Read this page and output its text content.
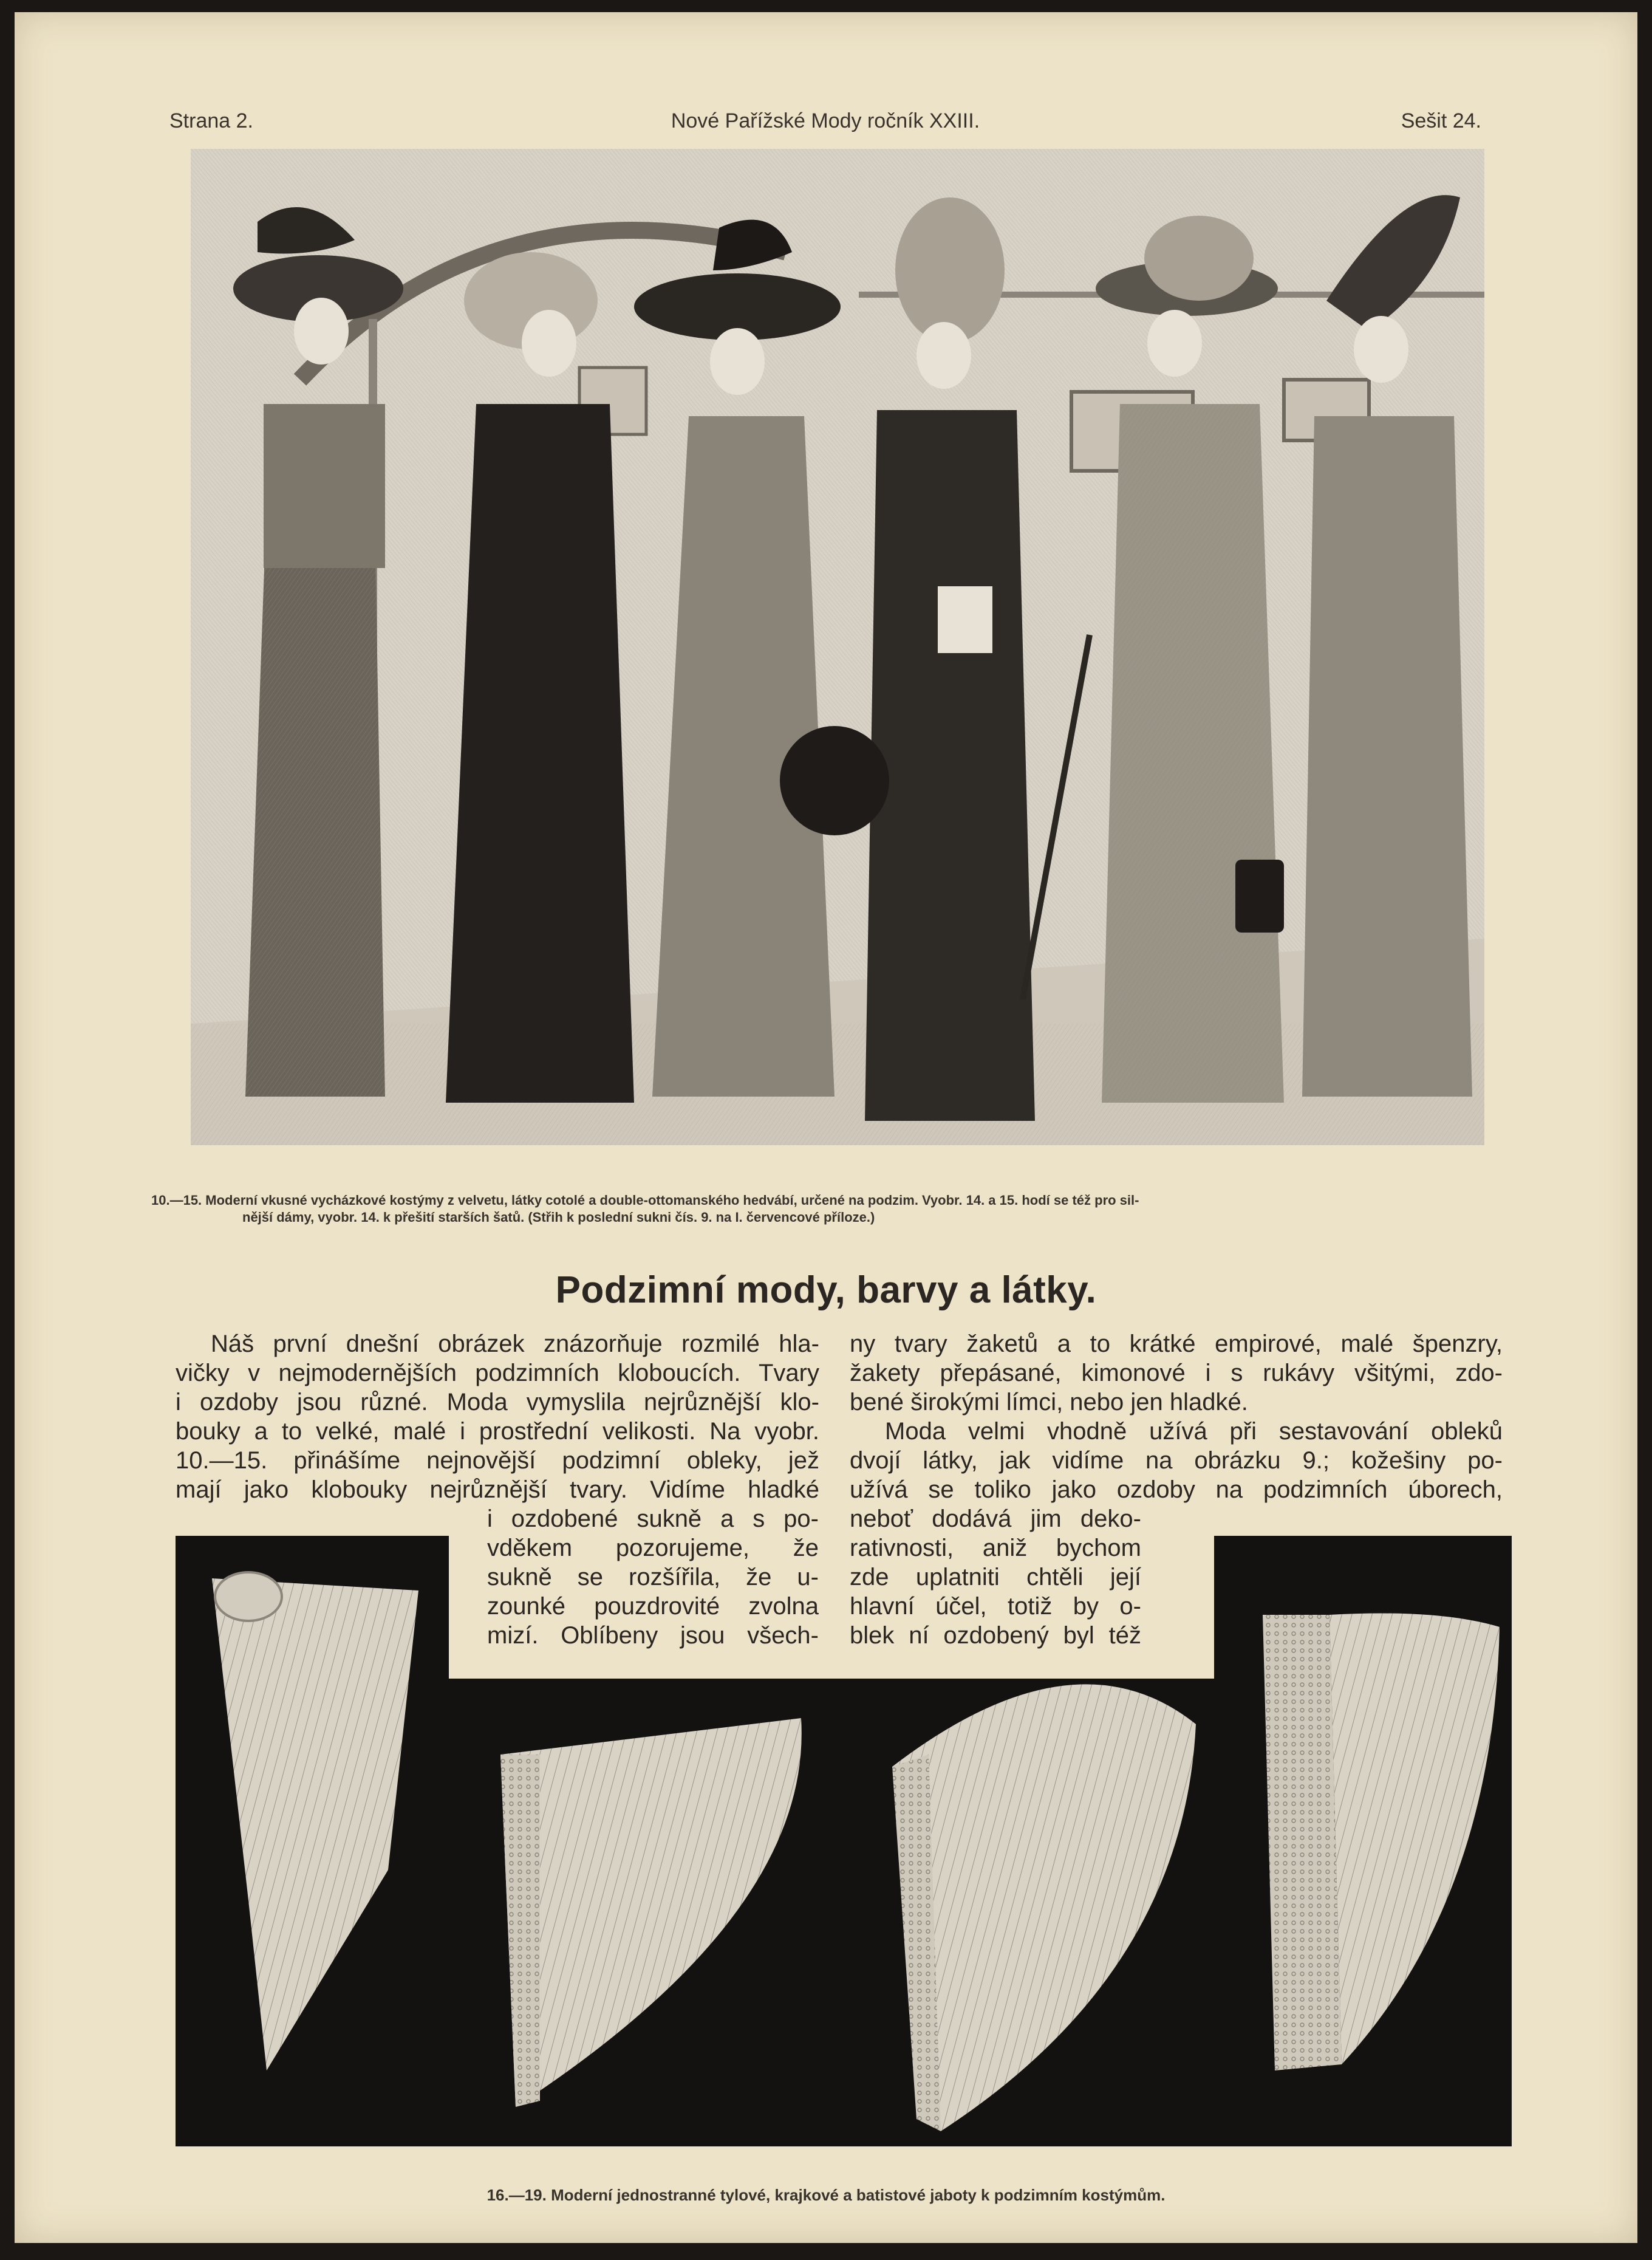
Strana 2.	Nové Pařížské Mody ročník XXIII.	Sešit 24.
10.—15. Moderní vkusné vycházkové kostýmy z velvetu, látky cotolé a double-ottomanského hedvábí, určené na podzim. Vyobr. 14. a 15. hodí se též pro sil-
nější dámy, vyobr. 14. k přešití starších šatů. (Střih k poslední sukni čís. 9. na I. červencové příloze.)
Podzimní mody, barvy a látky.
Náš první dnešní obrázek znázorňuje rozmilé hla-
vičky v nejmodernějších podzimních kloboucích. Tvary
i ozdoby jsou různé. Moda vymyslila nejrůznější klo-
bouky a to velké, malé i prostřední velikosti. Na vyobr.
10.—15. přinášíme nejnovější podzimní obleky, jež
mají jako klobouky nejrůznější tvary. Vidíme hladké
i ozdobené sukně a s po-
vděkem pozorujeme, že
sukně se rozšířila, že u-
zounké pouzdrovité zvolna
mizí. Oblíbeny jsou všech-
ny tvary žaketů a to krátké empirové, malé špenzry,
žakety přepásané, kimonové i s rukávy všitými, zdo-
bené širokými límci, nebo jen hladké.
Moda velmi vhodně užívá při sestavování obleků
dvojí látky, jak vidíme na obrázku 9.; kožešiny po-
užívá se toliko jako ozdoby na podzimních úborech,
neboť dodává jim deko-
rativnosti, aniž bychom
zde uplatniti chtěli její
hlavní účel, totiž by o-
blek ní ozdobený byl též
16.—19. Moderní jednostranné tylové, krajkové a batistové jaboty k podzimním kostýmům.
